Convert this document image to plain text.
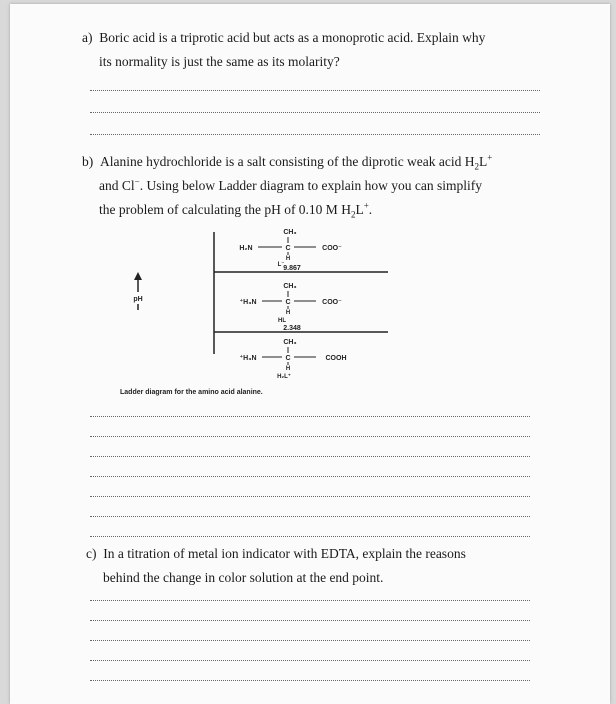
a) Boric acid is a triprotic acid but acts as a monoprotic acid. Explain why

its normality is just the same as its molarity?

b) Alanine hydrochloride is a salt consisting of the diprotic weak acid $H_2L^+$

and Cl−. Using below Ladder diagram to explain how you can simplify

the problem of calculating the pH of 0.10 M $H_2L^+$.

pH
9.867
2.348
CH₃
H₂N	C	COO⁻
H
L⁻
CH₃
⁺H₃N	C	COO⁻
H
HL
CH₃
⁺H₃N	C	COOH
H
H₂L⁺
Ladder diagram for the amino acid alanine.

c) In a titration of metal ion indicator with EDTA, explain the reasons

behind the change in color solution at the end point.
